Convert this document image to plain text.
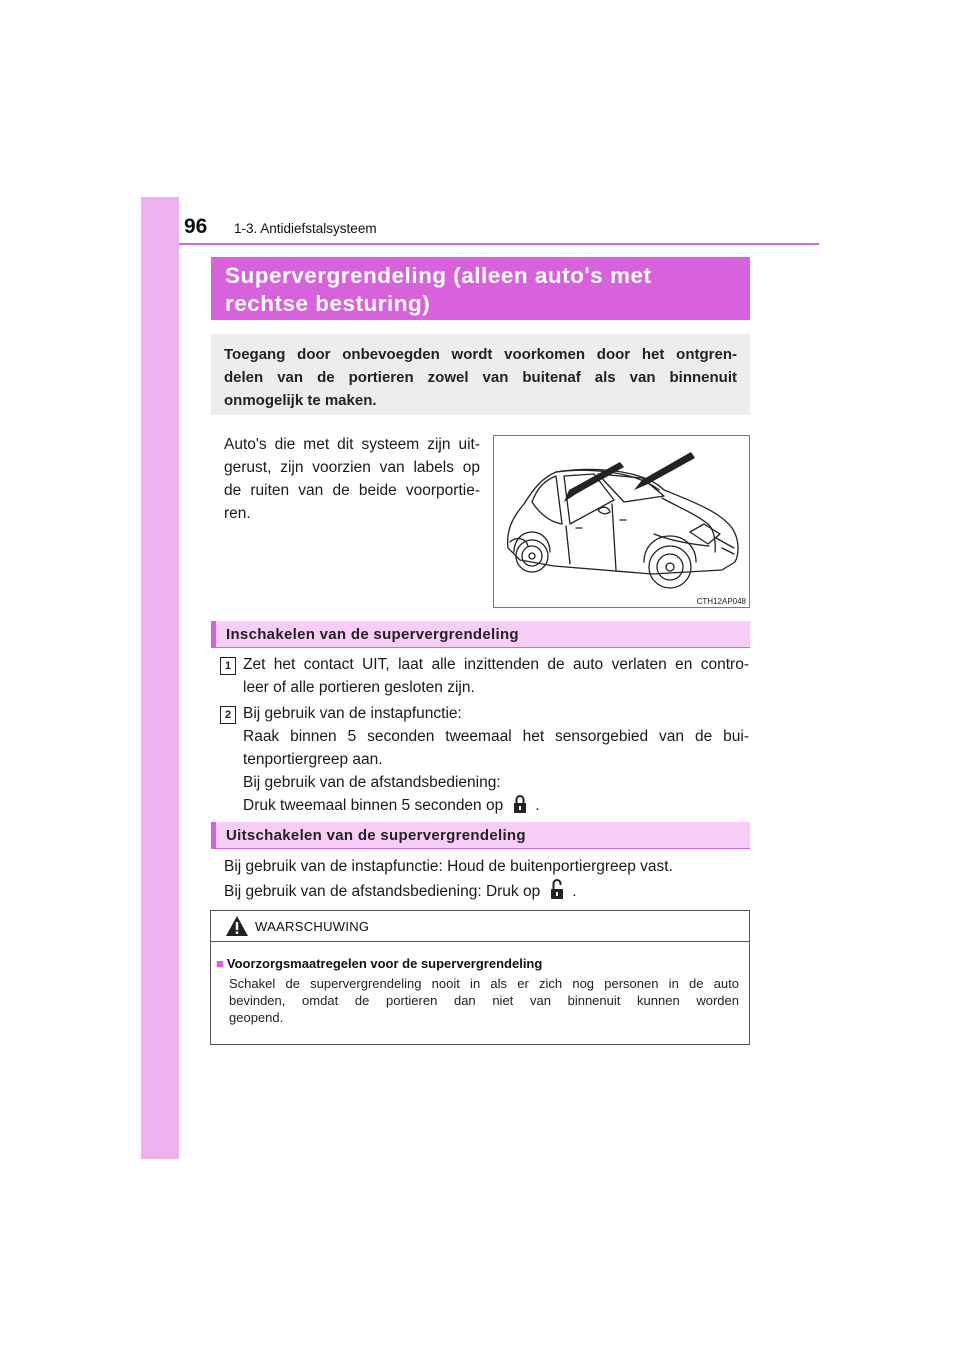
96 1-3. Antidiefstalsysteem
Supervergrendeling (alleen auto's met
rechtse besturing)
Toegang door onbevoegden wordt voorkomen door het ontgren-
delen van de portieren zowel van buitenaf als van binnenuit
onmogelijk te maken.
Auto's die met dit systeem zijn uit-
gerust, zijn voorzien van labels op
de ruiten van de beide voorportie-
ren.
CTH12AP048
Inschakelen van de supervergrendeling
1 Zet het contact UIT, laat alle inzittenden de auto verlaten en contro-
leer of alle portieren gesloten zijn.
2 Bij gebruik van de instapfunctie:
Raak binnen 5 seconden tweemaal het sensorgebied van de bui-
tenportiergreep aan.
Bij gebruik van de afstandsbediening:
Druk tweemaal binnen 5 seconden op .
Uitschakelen van de supervergrendeling
Bij gebruik van de instapfunctie: Houd de buitenportiergreep vast.
Bij gebruik van de afstandsbediening: Druk op .
WAARSCHUWING
■ Voorzorgsmaatregelen voor de supervergrendeling
Schakel de supervergrendeling nooit in als er zich nog personen in de auto
bevinden, omdat de portieren dan niet van binnenuit kunnen worden
geopend.
